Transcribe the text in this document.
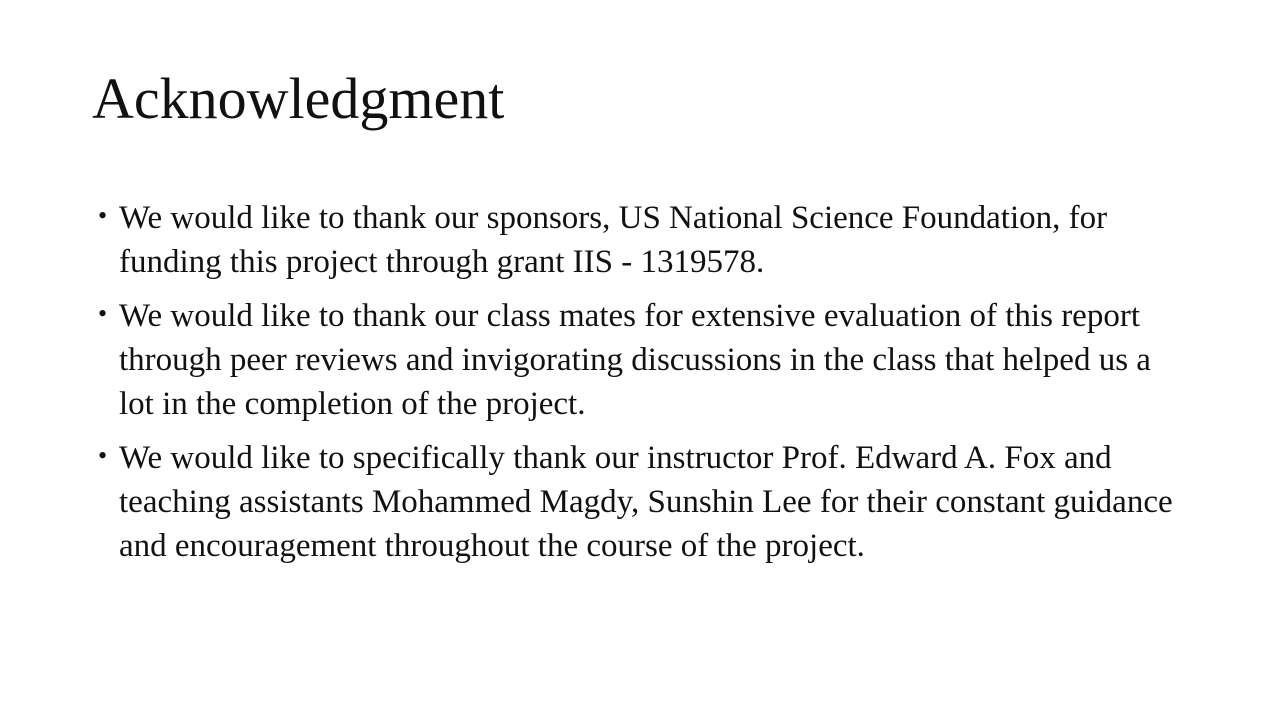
Acknowledgment
• We would like to thank our sponsors, US National Science Foundation, for funding this project through grant IIS - 1319578.
• We would like to thank our class mates for extensive evaluation of this report through peer reviews and invigorating discussions in the class that helped us a lot in the completion of the project.
• We would like to specifically thank our instructor Prof. Edward A. Fox and teaching assistants Mohammed Magdy, Sunshin Lee for their constant guidance and encouragement throughout the course of the project.
